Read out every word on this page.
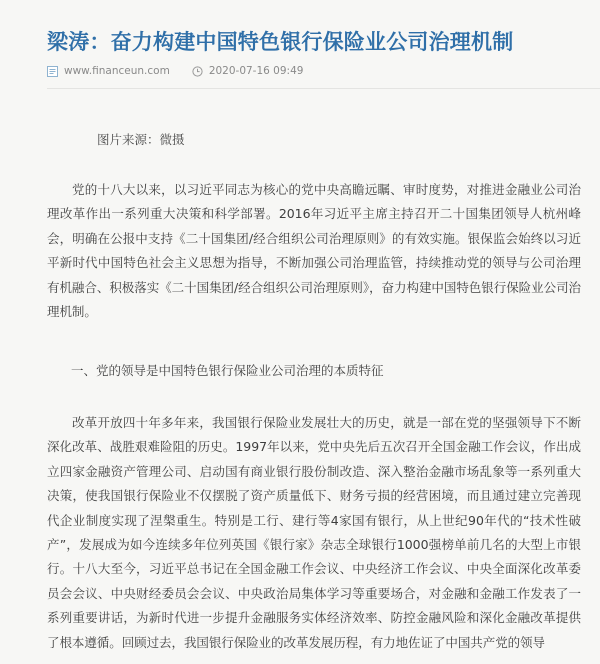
梁涛：奋力构建中国特色银行保险业公司治理机制
www.financeun.com	2020-07-16 09:49
图片来源：微摄

党的十八大以来，以习近平同志为核心的党中央高瞻远瞩、审时度势，对推进金融业公司治理改革作出一系列重大决策和科学部署。2016年习近平主席主持召开二十国集团领导人杭州峰会，明确在公报中支持《二十国集团/经合组织公司治理原则》的有效实施。银保监会始终以习近平新时代中国特色社会主义思想为指导，不断加强公司治理监管，持续推动党的领导与公司治理有机融合、积极落实《二十国集团/经合组织公司治理原则》，奋力构建中国特色银行保险业公司治理机制。

一、党的领导是中国特色银行保险业公司治理的本质特征

改革开放四十年多年来，我国银行保险业发展壮大的历史，就是一部在党的坚强领导下不断深化改革、战胜艰难险阻的历史。1997年以来，党中央先后五次召开全国金融工作会议，作出成立四家金融资产管理公司、启动国有商业银行股份制改造、深入整治金融市场乱象等一系列重大决策，使我国银行保险业不仅摆脱了资产质量低下、财务亏损的经营困境，而且通过建立完善现代企业制度实现了涅槃重生。特别是工行、建行等4家国有银行，从上世纪90年代的“技术性破产”，发展成为如今连续多年位列英国《银行家》杂志全球银行1000强榜单前几名的大型上市银行。十八大至今，习近平总书记在全国金融工作会议、中央经济工作会议、中央全面深化改革委员会会议、中央财经委员会会议、中央政治局集体学习等重要场合，对金融和金融工作发表了一系列重要讲话，为新时代进一步提升金融服务实体经济效率、防控金融风险和深化金融改革提供了根本遵循。回顾过去，我国银行保险业的改革发展历程，有力地佐证了中国共产党的领导
